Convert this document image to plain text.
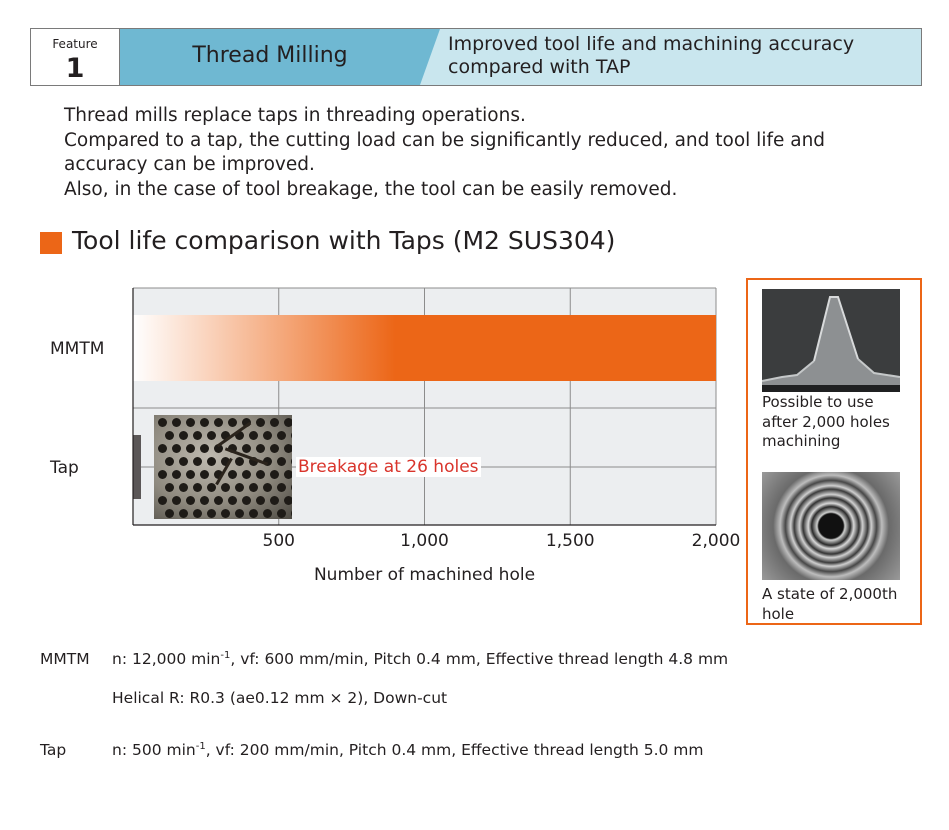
Thread Milling	Improved tool life and machining accuracy
compared with TAP
Feature
1
Thread mills replace taps in threading operations.
Compared to a tap, the cutting load can be significantly reduced, and tool life and
accuracy can be improved.
Also, in the case of tool breakage, the tool can be easily removed.
Tool life comparison with Taps (M2 SUS304)
MMTM
Tap
500	1,000	1,500	2,000
Number of machined hole
Breakage at 26 holes
Possible to use
after 2,000 holes
machining
A state of 2,000th
hole
MMTM n: 12,000 $\min^{-1}$, vf: 600 mm/min, Pitch 0.4 mm, Effective thread length 4.8 mm
Helical R: R0.3 (ae0.12 mm × 2), Down-cut
Tap	n: 500 $\min^{-1}$, vf: 200 mm/min, Pitch 0.4 mm, Effective thread length 5.0 mm
